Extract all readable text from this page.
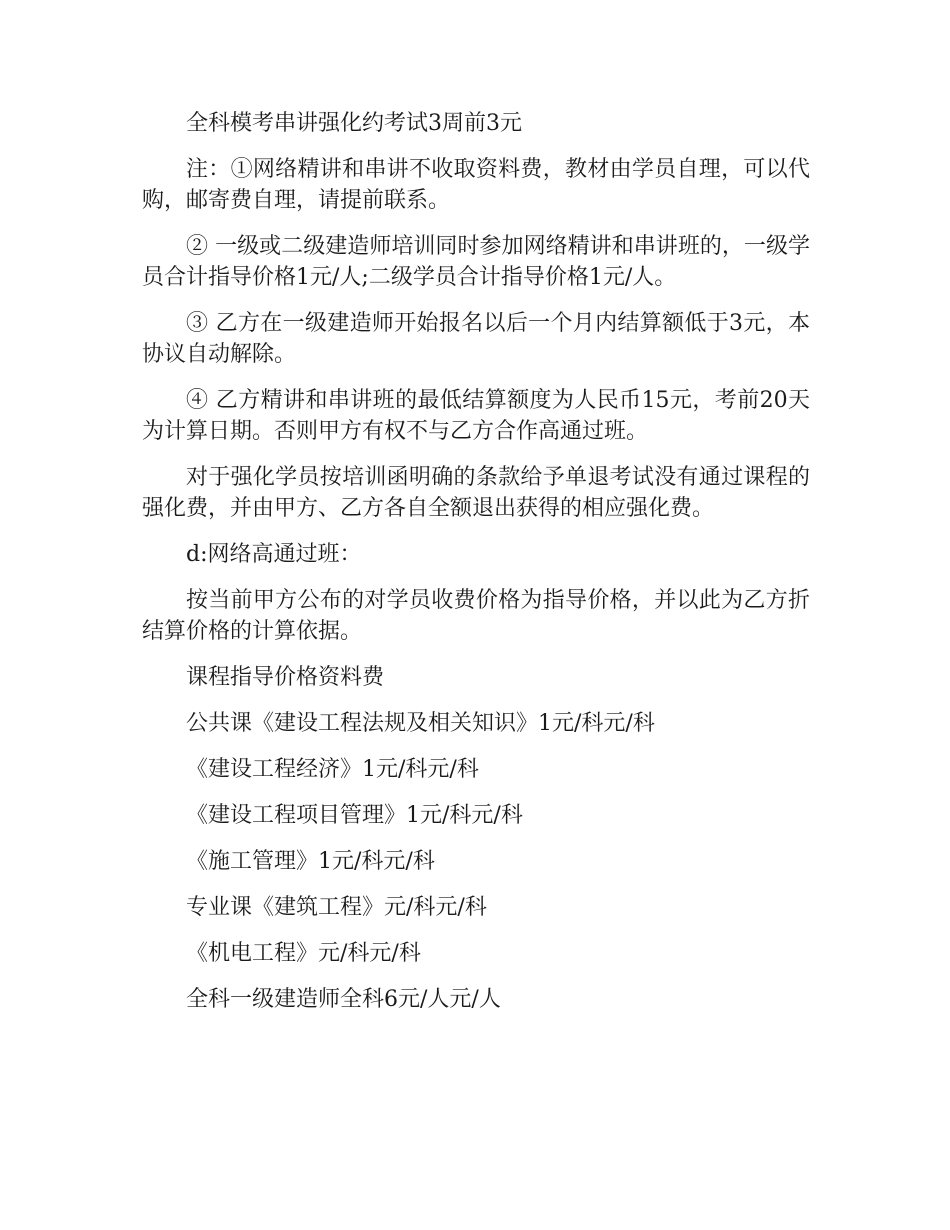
全科模考串讲强化约考试3周前3元

注：①网络精讲和串讲不收取资料费，教材由学员自理，可以代购，邮寄费自理，请提前联系。

② 一级或二级建造师培训同时参加网络精讲和串讲班的，一级学员合计指导价格1元/人;二级学员合计指导价格1元/人。

③ 乙方在一级建造师开始报名以后一个月内结算额低于3元，本协议自动解除。

④ 乙方精讲和串讲班的最低结算额度为人民币15元，考前20天为计算日期。否则甲方有权不与乙方合作高通过班。

对于强化学员按培训函明确的条款给予单退考试没有通过课程的强化费，并由甲方、乙方各自全额退出获得的相应强化费。

d:网络高通过班：

按当前甲方公布的对学员收费价格为指导价格，并以此为乙方折结算价格的计算依据。

课程指导价格资料费

公共课《建设工程法规及相关知识》1元/科元/科

《建设工程经济》1元/科元/科

《建设工程项目管理》1元/科元/科

《施工管理》1元/科元/科

专业课《建筑工程》元/科元/科

《机电工程》元/科元/科

全科一级建造师全科6元/人元/人
